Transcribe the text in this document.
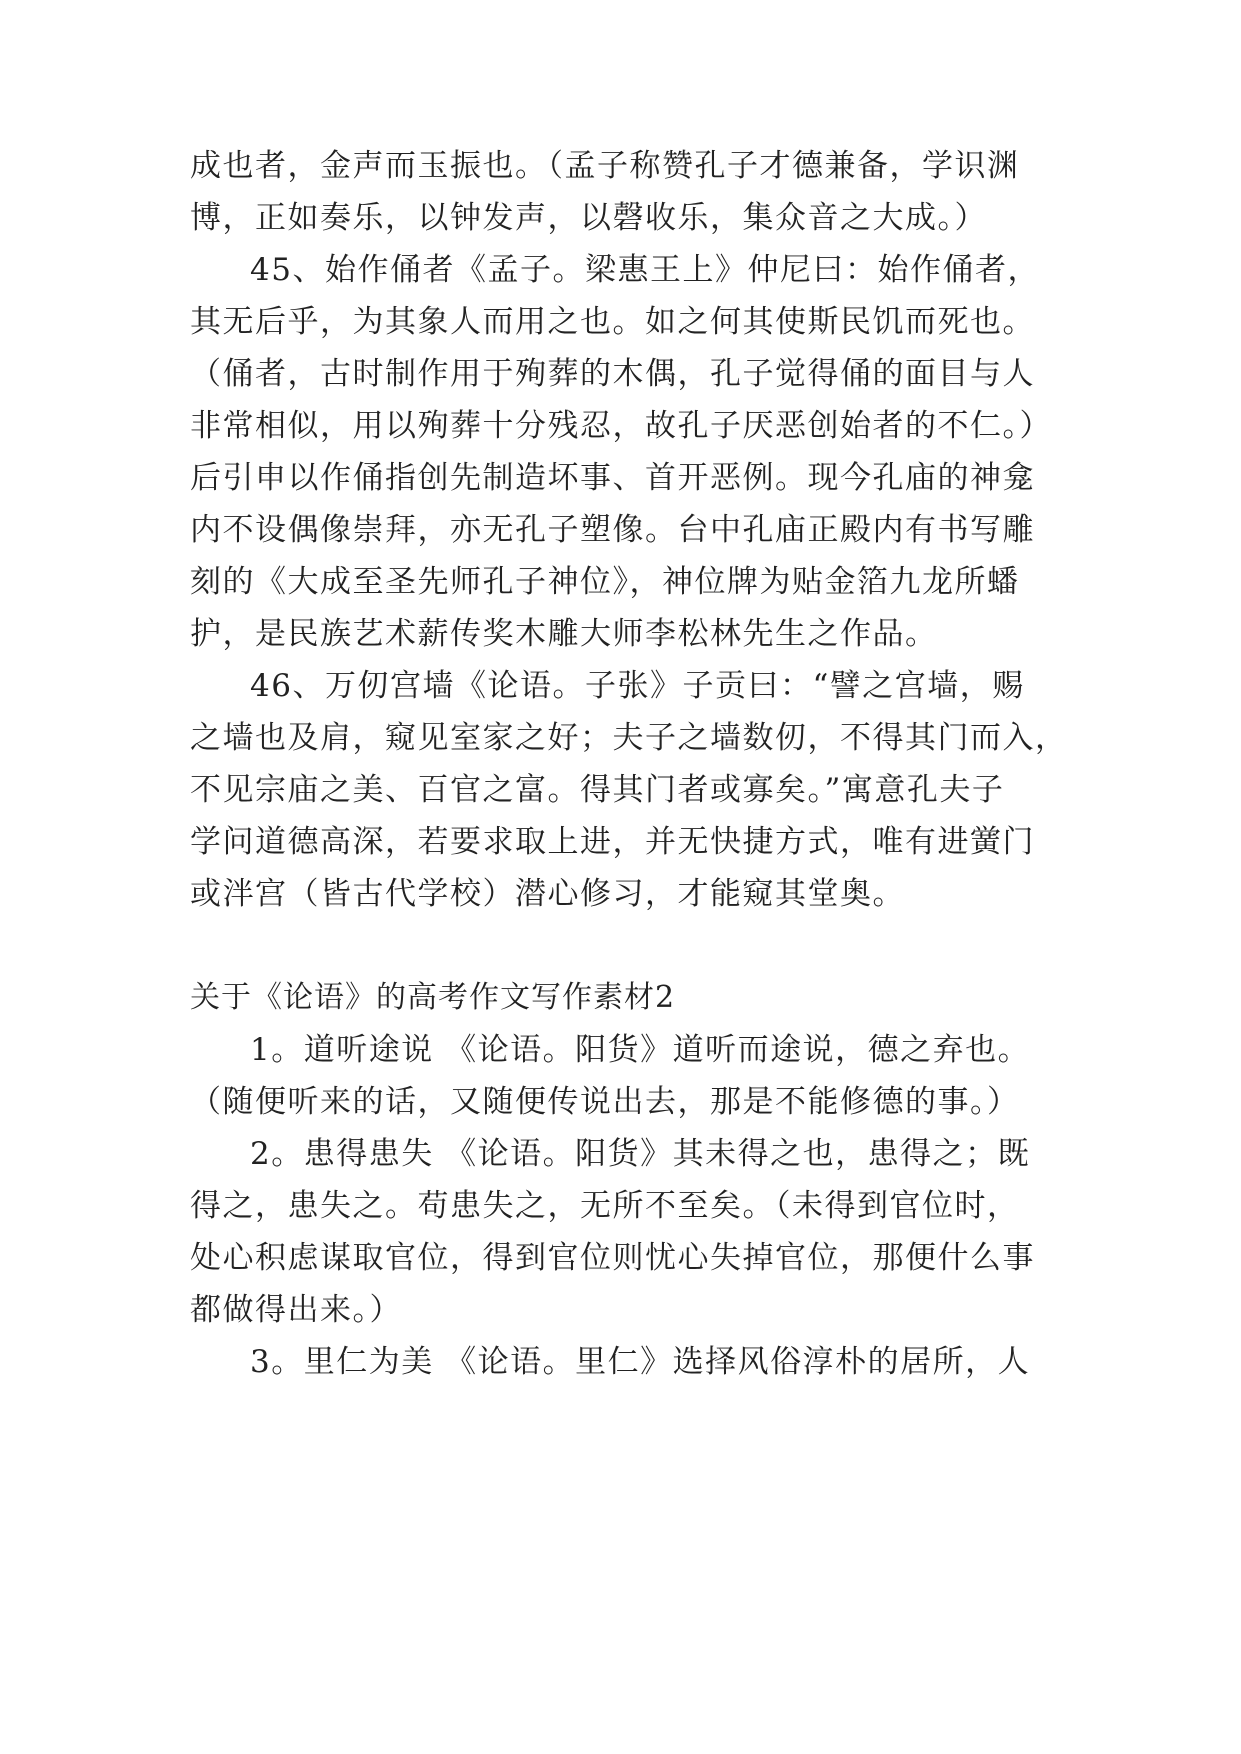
成也者，金声而玉振也。（孟子称赞孔子才德兼备，学识渊
博，正如奏乐，以钟发声，以磬收乐，集众音之大成。）
45、始作俑者《孟子。梁惠王上》仲尼曰：始作俑者，
其无后乎，为其象人而用之也。如之何其使斯民饥而死也。
（俑者，古时制作用于殉葬的木偶，孔子觉得俑的面目与人
非常相似，用以殉葬十分残忍，故孔子厌恶创始者的不仁。）
后引申以作俑指创先制造坏事、首开恶例。现今孔庙的神龛
内不设偶像崇拜，亦无孔子塑像。台中孔庙正殿内有书写雕
刻的《大成至圣先师孔子神位》，神位牌为贴金箔九龙所蟠
护，是民族艺术薪传奖木雕大师李松林先生之作品。
46、万仞宫墙《论语。子张》子贡曰：“譬之宫墙，赐
之墙也及肩，窥见室家之好；夫子之墙数仞，不得其门而入，
不见宗庙之美、百官之富。得其门者或寡矣。”寓意孔夫子
学问道德高深，若要求取上进，并无快捷方式，唯有进黉门
或泮宫（皆古代学校）潜心修习，才能窥其堂奥。
关于《论语》的高考作文写作素材2
1。道听途说 《论语。阳货》道听而途说，德之弃也。
（随便听来的话，又随便传说出去，那是不能修德的事。）
2。患得患失 《论语。阳货》其未得之也，患得之；既
得之，患失之。苟患失之，无所不至矣。（未得到官位时，
处心积虑谋取官位，得到官位则忧心失掉官位，那便什么事
都做得出来。）
3。里仁为美 《论语。里仁》选择风俗淳朴的居所，人
